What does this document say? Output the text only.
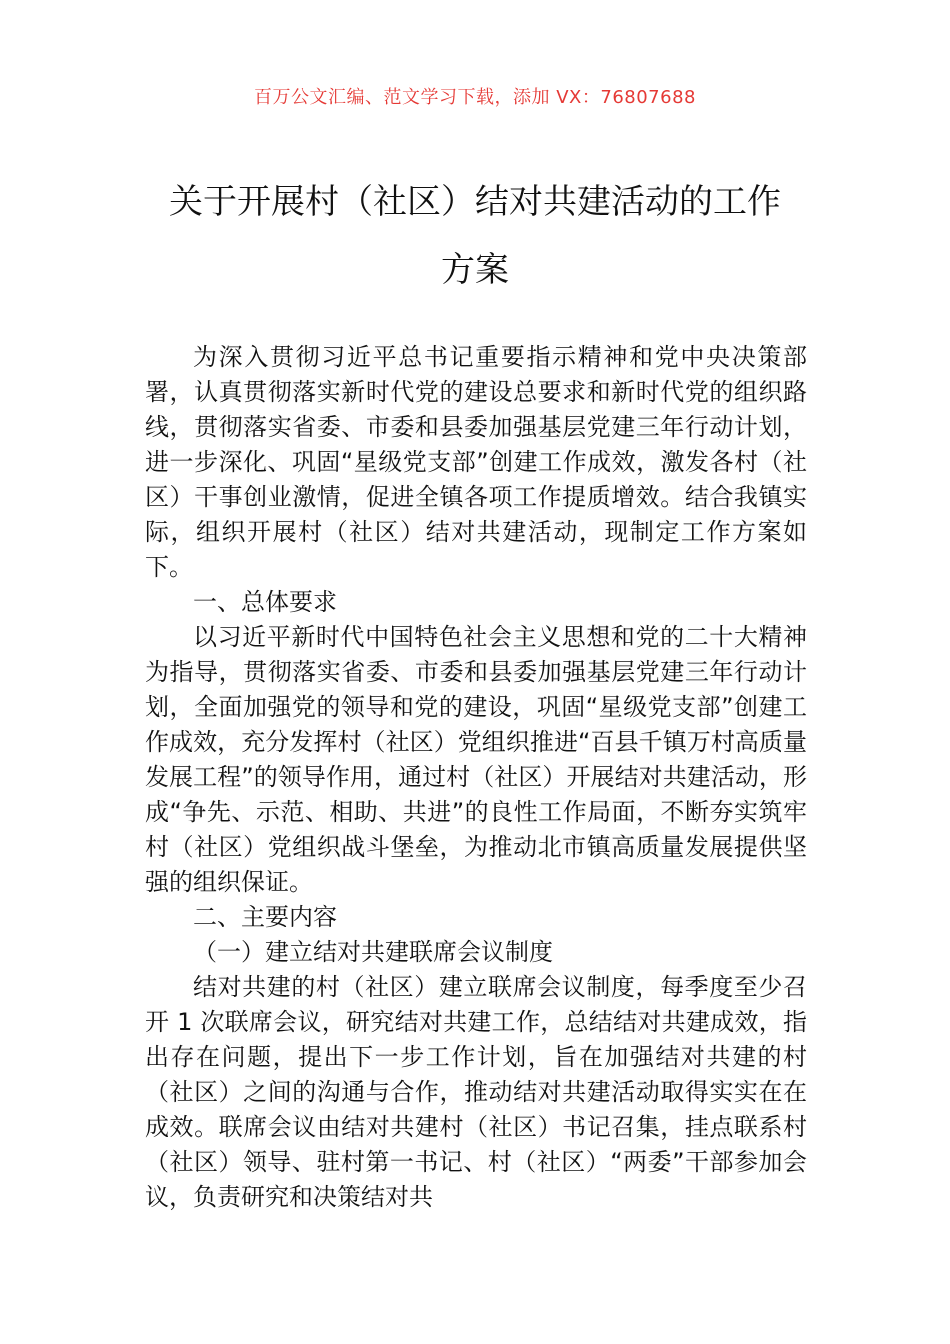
百万公文汇编、范文学习下载，添加 VX：76807688
关于开展村（社区）结对共建活动的工作
方案

为深入贯彻习近平总书记重要指示精神和党中央决策部署，认真贯彻落实新时代党的建设总要求和新时代党的组织路线，贯彻落实省委、市委和县委加强基层党建三年行动计划，进一步深化、巩固“星级党支部”创建工作成效，激发各村（社区）干事创业激情，促进全镇各项工作提质增效。结合我镇实际，组织开展村（社区）结对共建活动，现制定工作方案如下。

一、总体要求

以习近平新时代中国特色社会主义思想和党的二十大精神为指导，贯彻落实省委、市委和县委加强基层党建三年行动计划，全面加强党的领导和党的建设，巩固“星级党支部”创建工作成效，充分发挥村（社区）党组织推进“百县千镇万村高质量发展工程”的领导作用，通过村（社区）开展结对共建活动，形成“争先、示范、相助、共进”的良性工作局面，不断夯实筑牢村（社区）党组织战斗堡垒，为推动北市镇高质量发展提供坚强的组织保证。

二、主要内容

（一）建立结对共建联席会议制度

结对共建的村（社区）建立联席会议制度，每季度至少召开 1 次联席会议，研究结对共建工作，总结结对共建成效，指出存在问题，提出下一步工作计划，旨在加强结对共建的村（社区）之间的沟通与合作，推动结对共建活动取得实实在在成效。联席会议由结对共建村（社区）书记召集，挂点联系村（社区）领导、驻村第一书记、村（社区）“两委”干部参加会议，负责研究和决策结对共
